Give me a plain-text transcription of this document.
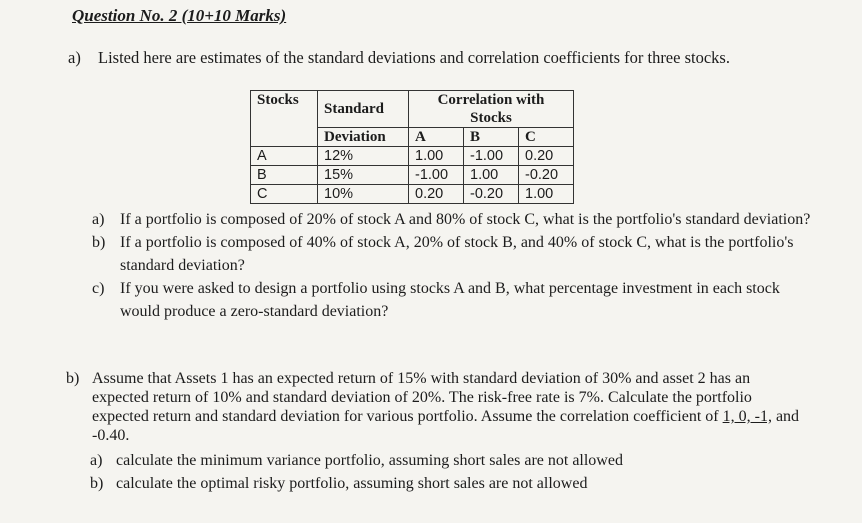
Question No. 2 (10+10 Marks)
a) Listed here are estimates of the standard deviations and correlation coefficients for three stocks.
Stocks	Standard	Correlation with Stocks		
	Deviation	A	B	C
A	12%	1.00	-1.00	0.20
B	15%	-1.00	1.00	-0.20
C	10%	0.20	-0.20	1.00
a) If a portfolio is composed of 20% of stock A and 80% of stock C, what is the portfolio's standard deviation?
b) If a portfolio is composed of 40% of stock A, 20% of stock B, and 40% of stock C, what is the portfolio's standard deviation?
c) If you were asked to design a portfolio using stocks A and B, what percentage investment in each stock would produce a zero-standard deviation?
b) Assume that Assets 1 has an expected return of 15% with standard deviation of 30% and asset 2 has an expected return of 10% and standard deviation of 20%. The risk-free rate is 7%. Calculate the portfolio expected return and standard deviation for various portfolio. Assume the correlation coefficient of 1, 0, -1, and -0.40.
a) calculate the minimum variance portfolio, assuming short sales are not allowed
b) calculate the optimal risky portfolio, assuming short sales are not allowed
